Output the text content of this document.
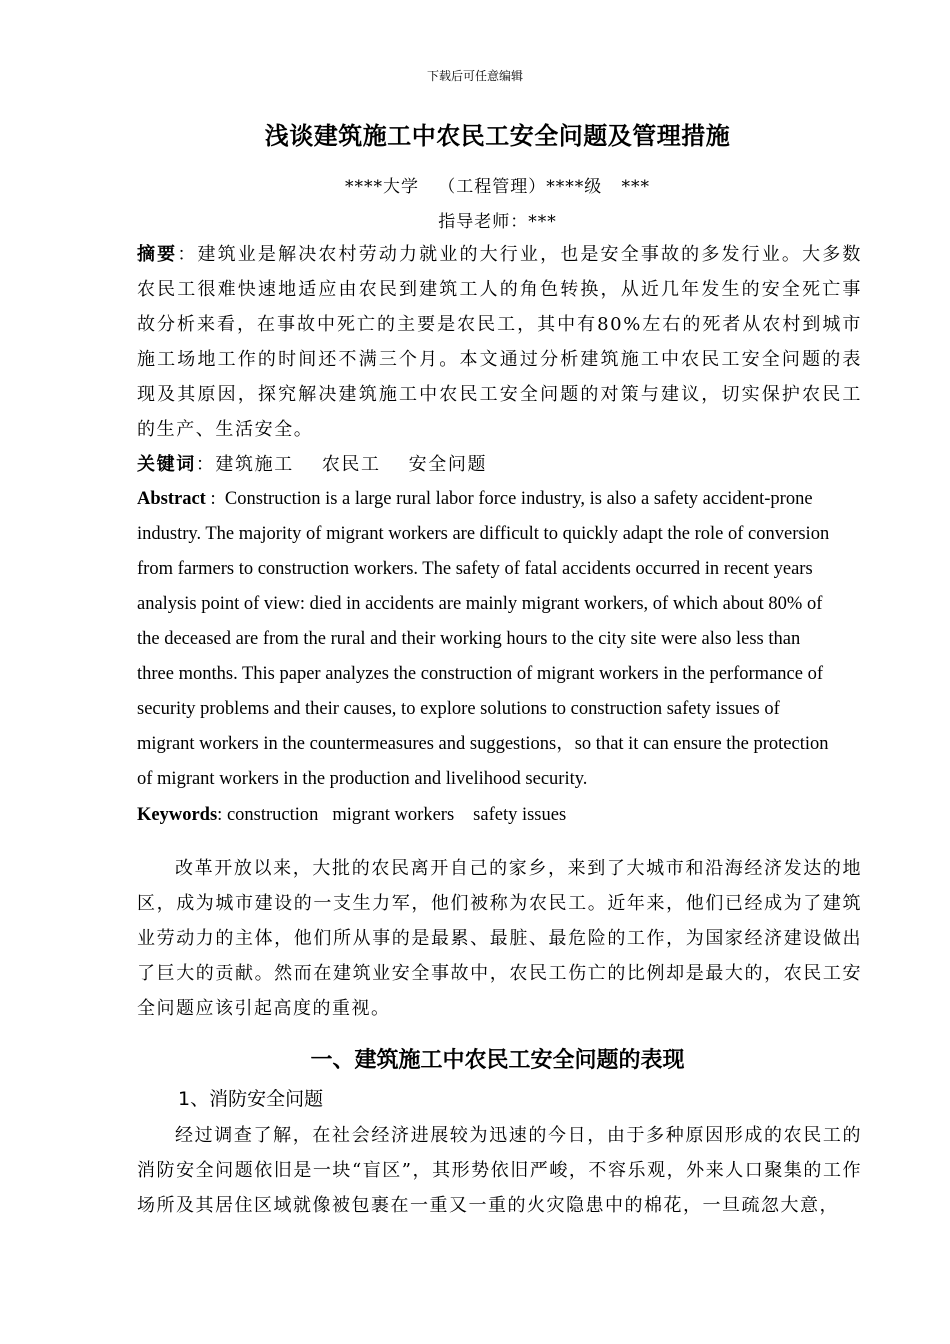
下载后可任意编辑
浅谈建筑施工中农民工安全问题及管理措施
****大学   （工程管理）****级   ***
指导老师：***
摘要：建筑业是解决农村劳动力就业的大行业，也是安全事故的多发行业。大多数农民工很难快速地适应由农民到建筑工人的角色转换，从近几年发生的安全死亡事故分析来看，在事故中死亡的主要是农民工，其中有80%左右的死者从农村到城市施工场地工作的时间还不满三个月。本文通过分析建筑施工中农民工安全问题的表现及其原因，探究解决建筑施工中农民工安全问题的对策与建议，切实保护农民工的生产、生活安全。
关键词：建筑施工 农民工 安全问题
Abstract :  Construction is a large rural labor force industry, is also a safety accident-prone
industry. The majority of migrant workers are difficult to quickly adapt the role of conversion
from farmers to construction workers. The safety of fatal accidents occurred in recent years
analysis point of view: died in accidents are mainly migrant workers, of which about 80% of
the deceased are from the rural and their working hours to the city site were also less than
three months. This paper analyzes the construction of migrant workers in the performance of
security problems and their causes, to explore solutions to construction safety issues of
migrant workers in the countermeasures and suggestions，so that it can ensure the protection
of migrant workers in the production and livelihood security.
Keywords: construction migrant workers safety issues
改革开放以来，大批的农民离开自己的家乡，来到了大城市和沿海经济发达的地区，成为城市建设的一支生力军，他们被称为农民工。近年来，他们已经成为了建筑业劳动力的主体，他们所从事的是最累、最脏、最危险的工作，为国家经济建设做出了巨大的贡献。然而在建筑业安全事故中，农民工伤亡的比例却是最大的，农民工安全问题应该引起高度的重视。
一、建筑施工中农民工安全问题的表现
1、消防安全问题
经过调查了解，在社会经济进展较为迅速的今日，由于多种原因形成的农民工的消防安全问题依旧是一块“盲区”，其形势依旧严峻，不容乐观，外来人口聚集的工作场所及其居住区域就像被包裹在一重又一重的火灾隐患中的棉花，一旦疏忽大意，
